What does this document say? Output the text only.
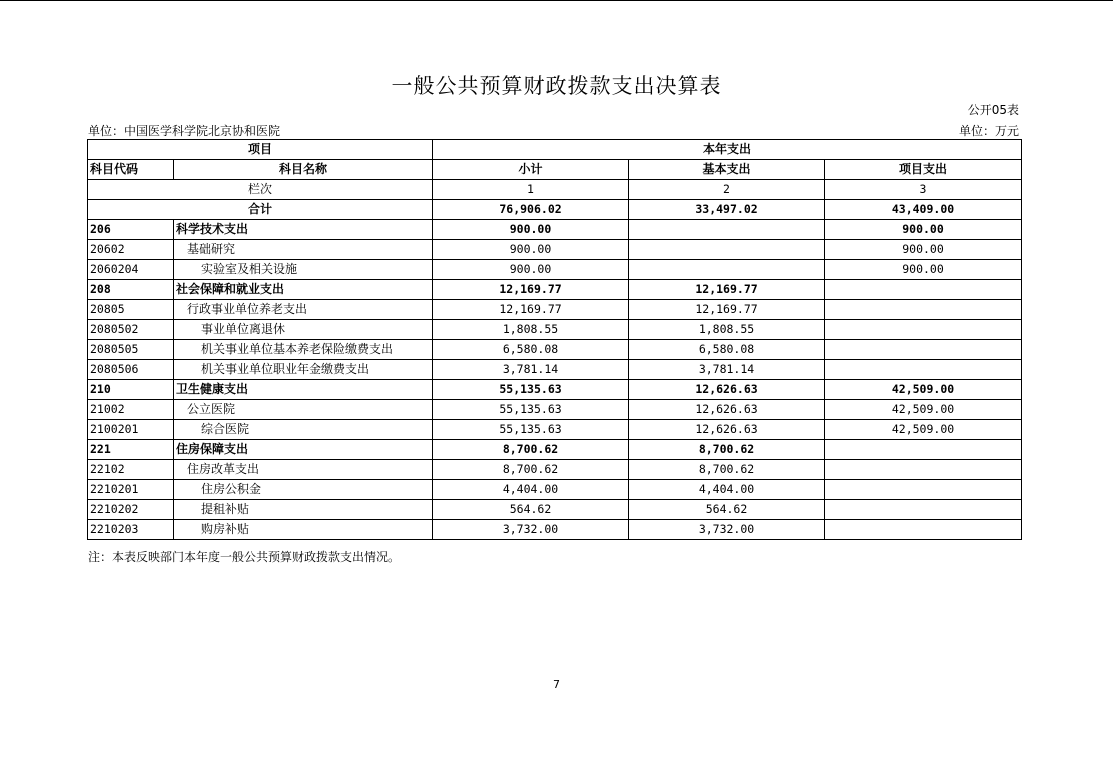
一般公共预算财政拨款支出决算表
公开05表
单位：中国医学科学院北京协和医院	单位：万元
项目		本年支出		
科目代码	科目名称	小计	基本支出	项目支出
栏次		1	2	3
合计		76,906.02	33,497.02	43,409.00
206	科学技术支出	900.00		900.00
20602	基础研究	900.00		900.00
2060204	实验室及相关设施	900.00		900.00
208	社会保障和就业支出	12,169.77	12,169.77	
20805	行政事业单位养老支出	12,169.77	12,169.77	
2080502	事业单位离退休	1,808.55	1,808.55	
2080505	机关事业单位基本养老保险缴费支出	6,580.08	6,580.08	
2080506	机关事业单位职业年金缴费支出	3,781.14	3,781.14	
210	卫生健康支出	55,135.63	12,626.63	42,509.00
21002	公立医院	55,135.63	12,626.63	42,509.00
2100201	综合医院	55,135.63	12,626.63	42,509.00
221	住房保障支出	8,700.62	8,700.62	
22102	住房改革支出	8,700.62	8,700.62	
2210201	住房公积金	4,404.00	4,404.00	
2210202	提租补贴	564.62	564.62	
2210203	购房补贴	3,732.00	3,732.00	
注：本表反映部门本年度一般公共预算财政拨款支出情况。
7
